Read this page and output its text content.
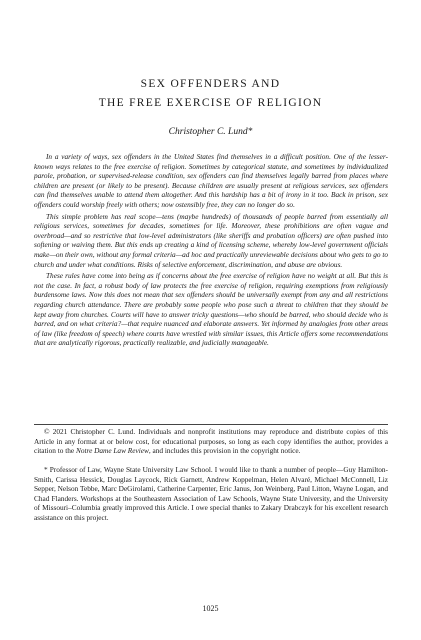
SEX OFFENDERS AND
THE FREE EXERCISE OF RELIGION
Christopher C. Lund*

In a variety of ways, sex offenders in the United States find themselves in a difficult position. One of the lesser-known ways relates to the free exercise of religion. Sometimes by categorical statute, and sometimes by individualized parole, probation, or supervised-release condition, sex offenders can find themselves legally barred from places where children are present (or likely to be present). Because children are usually present at religious services, sex offenders can find themselves unable to attend them altogether. And this hardship has a bit of irony in it too. Back in prison, sex offenders could worship freely with others; now ostensibly free, they can no longer do so.

This simple problem has real scope—tens (maybe hundreds) of thousands of people barred from essentially all religious services, sometimes for decades, sometimes for life. Moreover, these prohibitions are often vague and overbroad—and so restrictive that low-level administrators (like sheriffs and probation officers) are often pushed into softening or waiving them. But this ends up creating a kind of licensing scheme, whereby low-level government officials make—on their own, without any formal criteria—ad hoc and practically unreviewable decisions about who gets to go to church and under what conditions. Risks of selective enforcement, discrimination, and abuse are obvious.

These rules have come into being as if concerns about the free exercise of religion have no weight at all. But this is not the case. In fact, a robust body of law protects the free exercise of religion, requiring exemptions from religiously burdensome laws. Now this does not mean that sex offenders should be universally exempt from any and all restrictions regarding church attendance. There are probably some people who pose such a threat to children that they should be kept away from churches. Courts will have to answer tricky questions—who should be barred, who should decide who is barred, and on what criteria?—that require nuanced and elaborate answers. Yet informed by analogies from other areas of law (like freedom of speech) where courts have wrestled with similar issues, this Article offers some recommendations that are analytically rigorous, practically realizable, and judicially manageable.

© 2021 Christopher C. Lund. Individuals and nonprofit institutions may reproduce and distribute copies of this Article in any format at or below cost, for educational purposes, so long as each copy identifies the author, provides a citation to the Notre Dame Law Review, and includes this provision in the copyright notice.

* Professor of Law, Wayne State University Law School. I would like to thank a number of people—Guy Hamilton-Smith, Carissa Hessick, Douglas Laycock, Rick Garnett, Andrew Koppelman, Helen Alvaré, Michael McConnell, Liz Sepper, Nelson Tebbe, Marc DeGirolami, Catherine Carpenter, Eric Janus, Jon Weinberg, Paul Litton, Wayne Logan, and Chad Flanders. Workshops at the Southeastern Association of Law Schools, Wayne State University, and the University of Missouri–Columbia greatly improved this Article. I owe special thanks to Zakary Drabczyk for his excellent research assistance on this project.

1025
